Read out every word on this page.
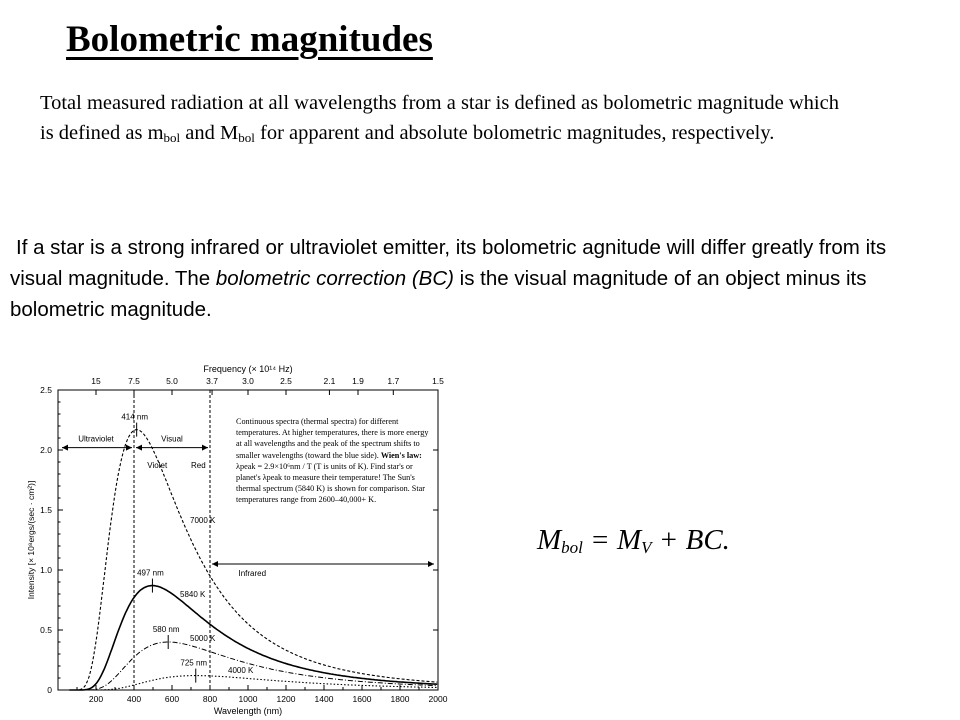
Bolometric magnitudes

Total measured radiation at all wavelengths from a star is defined as bolometric magnitude which is defined as $m_{bol}$ and $M_{bol}$ for apparent and absolute bolometric magnitudes, respectively.

If a star is a strong infrared or ultraviolet emitter, its bolometric agnitude will differ greatly from its visual magnitude. The bolometric correction (BC) is the visual magnitude of an object minus its bolometric magnitude.

$M_{bol} = M_V$ + BC.

200	400	600	800	1000 1200 1400 1600 1800 2000
Wavelength (nm)
0
0.5
1.0
1.5
2.0
2.5
Intensity [× 10⁸ergs/(sec · cm²)]
15	7.5	5.0	3.7	3.0	2.5	2.1 1.9	1.7	1.5
Frequency (× 10¹⁴ Hz)
414 nm
497 nm
580 nm
725 nm
7000 K
5840 K
5000 K
4000 K
Ultraviolet	Visual
Violet	Red
Infrared

Continuous spectra (thermal spectra) for different temperatures. At higher temperatures, there is more energy at all wavelengths and the peak of the spectrum shifts to smaller wavelengths (toward the blue side). Wien's law: λpeak = 2.9×10⁶nm / T (T is units of K). Find star's or planet's λpeak to measure their temperature! The Sun's thermal spectrum (5840 K) is shown for comparison. Star temperatures range from 2600–40,000+ K.
